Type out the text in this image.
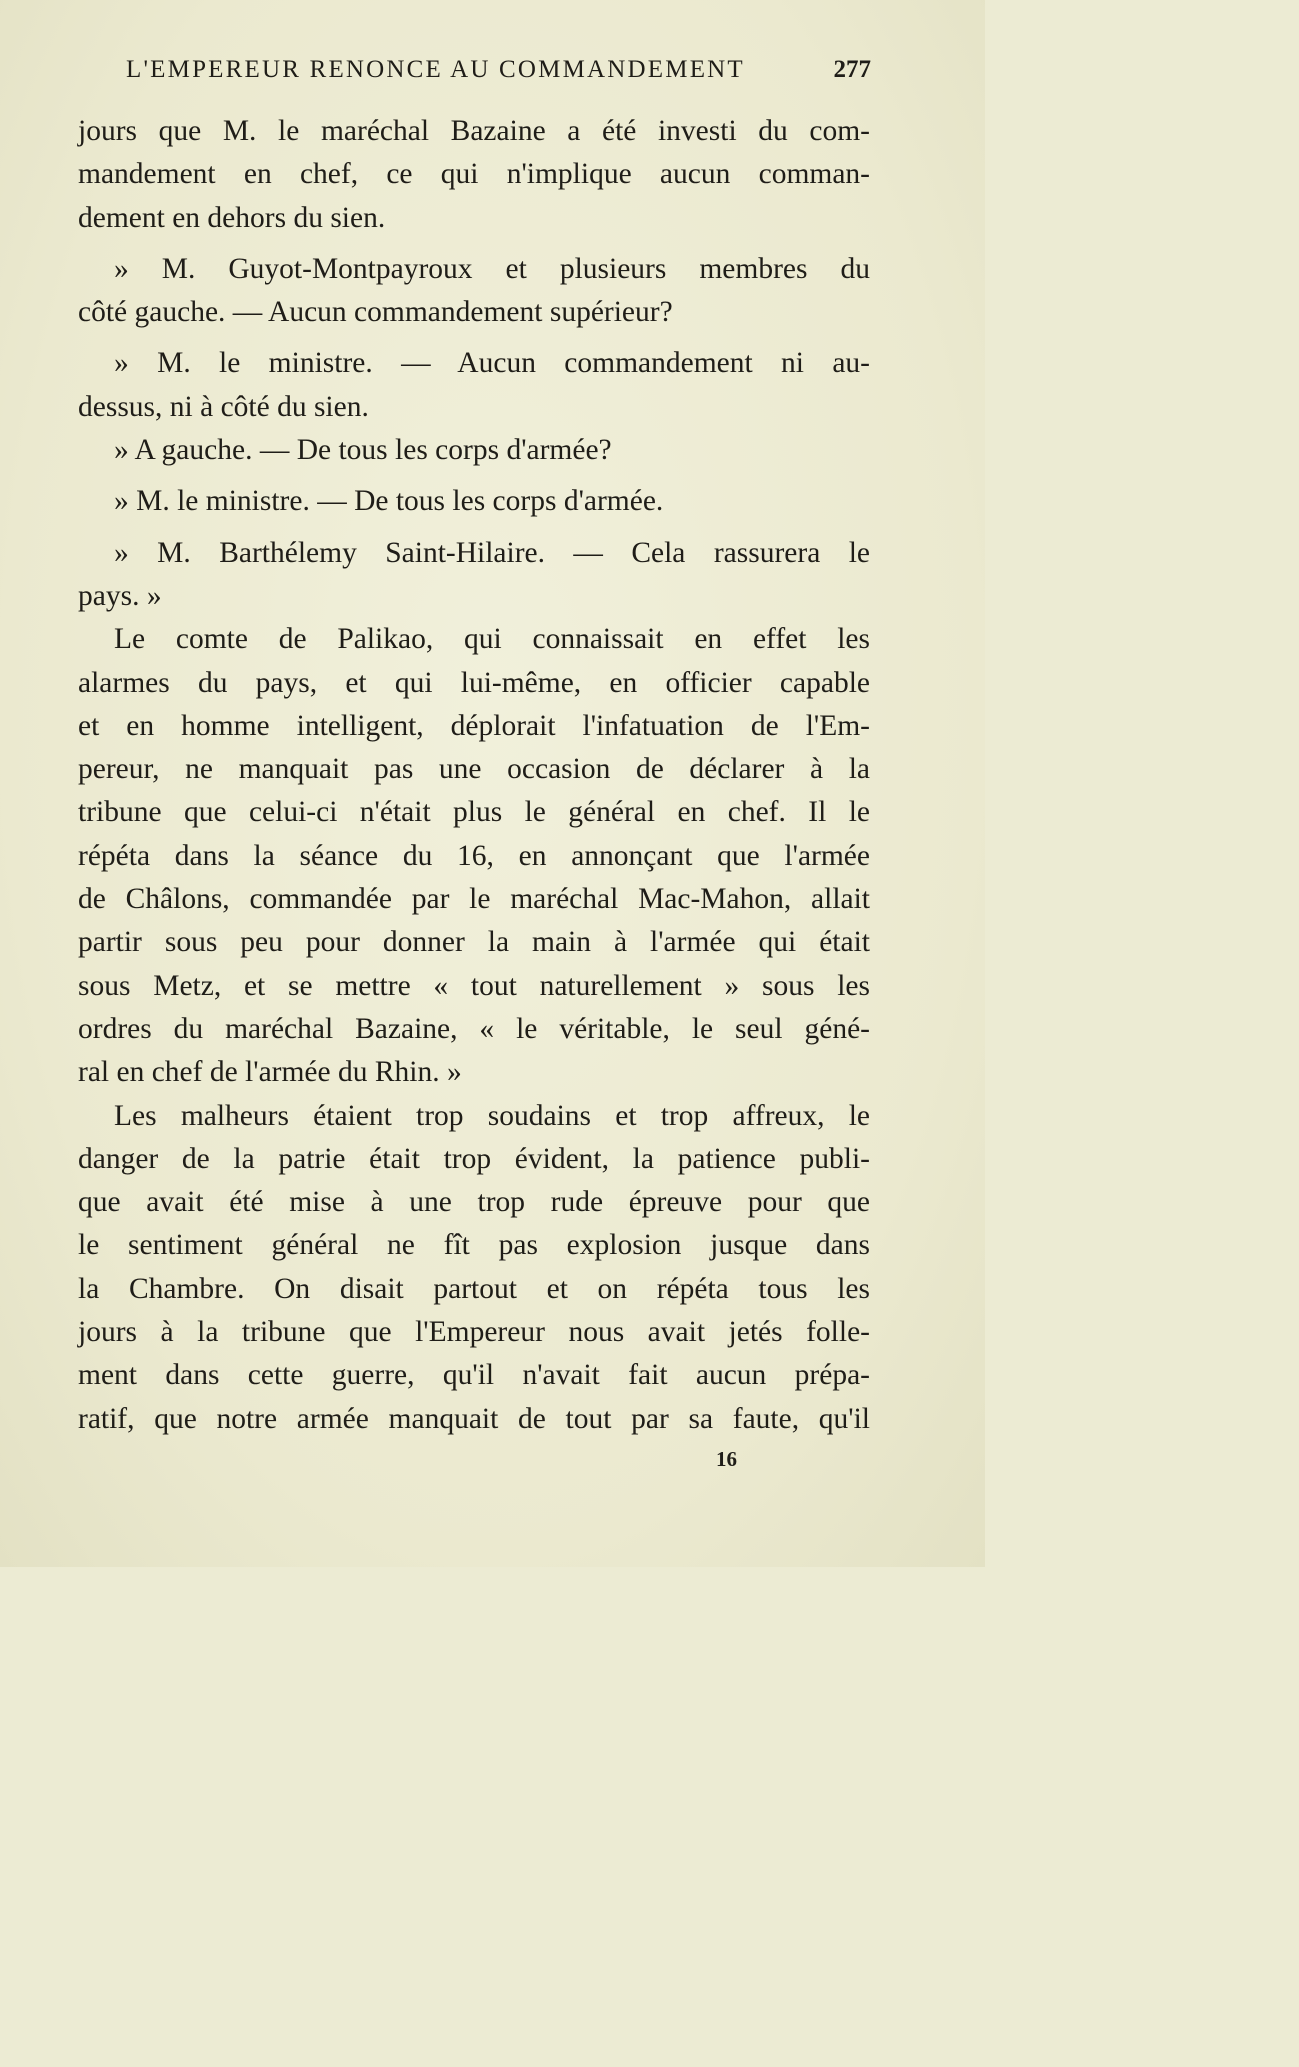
L'EMPEREUR RENONCE AU COMMANDEMENT	277
jours que M. le maréchal Bazaine a été investi du com-
mandement en chef, ce qui n'implique aucun comman-
dement en dehors du sien.
» M. Guyot-Montpayroux et plusieurs membres du
côté gauche. — Aucun commandement supérieur?
» M. le ministre. — Aucun commandement ni au-
dessus, ni à côté du sien.
» A gauche. — De tous les corps d'armée?
» M. le ministre. — De tous les corps d'armée.
» M. Barthélemy Saint-Hilaire. — Cela rassurera le
pays. »
Le comte de Palikao, qui connaissait en effet les
alarmes du pays, et qui lui-même, en officier capable
et en homme intelligent, déplorait l'infatuation de l'Em-
pereur, ne manquait pas une occasion de déclarer à la
tribune que celui-ci n'était plus le général en chef. Il le
répéta dans la séance du 16, en annonçant que l'armée
de Châlons, commandée par le maréchal Mac-Mahon, allait
partir sous peu pour donner la main à l'armée qui était
sous Metz, et se mettre « tout naturellement » sous les
ordres du maréchal Bazaine, « le véritable, le seul géné-
ral en chef de l'armée du Rhin. »
Les malheurs étaient trop soudains et trop affreux, le
danger de la patrie était trop évident, la patience publi-
que avait été mise à une trop rude épreuve pour que
le sentiment général ne fît pas explosion jusque dans
la Chambre. On disait partout et on répéta tous les
jours à la tribune que l'Empereur nous avait jetés folle-
ment dans cette guerre, qu'il n'avait fait aucun prépa-
ratif, que notre armée manquait de tout par sa faute, qu'il
16
